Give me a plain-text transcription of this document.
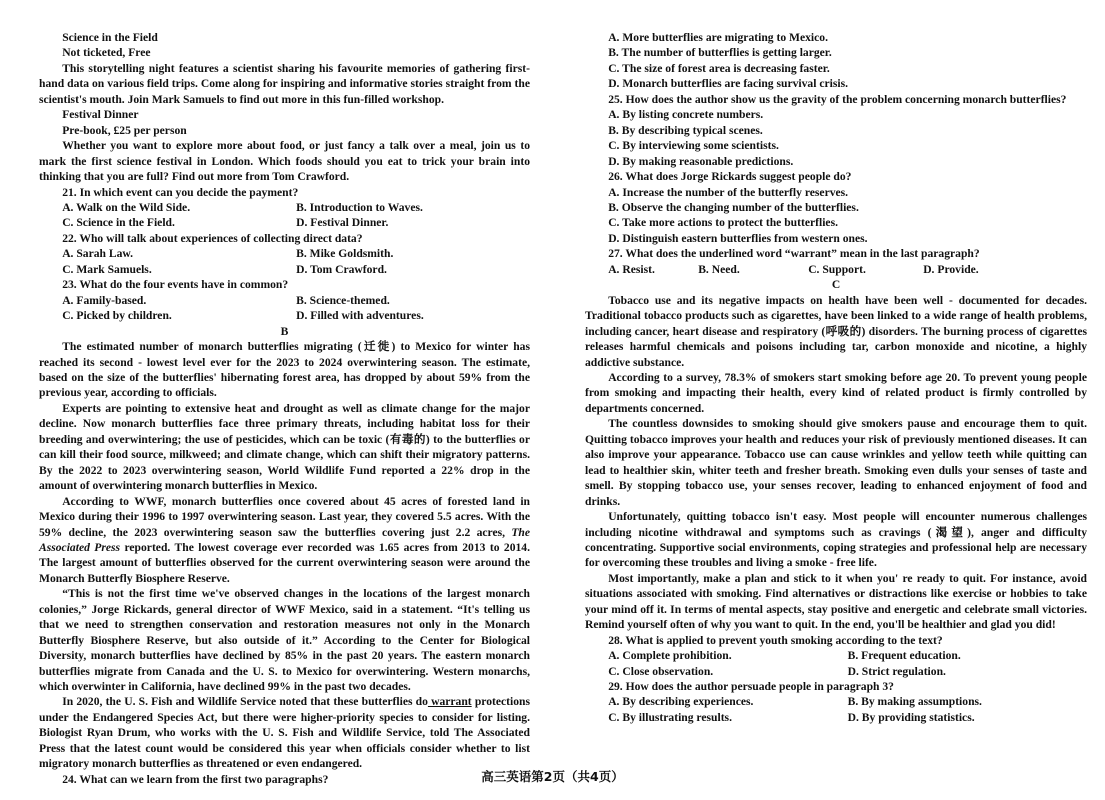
Science in the Field

Not ticketed, Free

This storytelling night features a scientist sharing his favourite memories of gathering first-hand data on various field trips. Come along for inspiring and informative stories straight from the scientist's mouth. Join Mark Samuels to find out more in this fun-filled workshop.

Festival Dinner

Pre-book, £25 per person

Whether you want to explore more about food, or just fancy a talk over a meal, join us to mark the first science festival in London. Which foods should you eat to trick your brain into thinking that you are full? Find out more from Tom Crawford.

21. In which event can you decide the payment?

A. Walk on the Wild Side.	B. Introduction to Waves.
C. Science in the Field.	D. Festival Dinner.

22. Who will talk about experiences of collecting direct data?

A. Sarah Law.	B. Mike Goldsmith.
C. Mark Samuels.	D. Tom Crawford.

23. What do the four events have in common?

A. Family-based.	B. Science-themed.
C. Picked by children.	D. Filled with adventures.

B

The estimated number of monarch butterflies migrating (迁徙) to Mexico for winter has reached its second - lowest level ever for the 2023 to 2024 overwintering season. The estimate, based on the size of the butterflies' hibernating forest area, has dropped by about 59% from the previous year, according to officials.

Experts are pointing to extensive heat and drought as well as climate change for the major decline. Now monarch butterflies face three primary threats, including habitat loss for their breeding and overwintering; the use of pesticides, which can be toxic (有毒的) to the butterflies or can kill their food source, milkweed; and climate change, which can shift their migratory patterns. By the 2022 to 2023 overwintering season, World Wildlife Fund reported a 22% drop in the amount of overwintering monarch butterflies in Mexico.

According to WWF, monarch butterflies once covered about 45 acres of forested land in Mexico during their 1996 to 1997 overwintering season. Last year, they covered 5.5 acres. With the 59% decline, the 2023 overwintering season saw the butterflies covering just 2.2 acres, The Associated Press reported. The lowest coverage ever recorded was 1.65 acres from 2013 to 2014. The largest amount of butterflies observed for the current overwintering season were around the Monarch Butterfly Biosphere Reserve.

“This is not the first time we've observed changes in the locations of the largest monarch colonies,” Jorge Rickards, general director of WWF Mexico, said in a statement. “It's telling us that we need to strengthen conservation and restoration measures not only in the Monarch Butterfly Biosphere Reserve, but also outside of it.” According to the Center for Biological Diversity, monarch butterflies have declined by 85% in the past 20 years. The eastern monarch butterflies migrate from Canada and the U. S. to Mexico for overwintering. Western monarchs, which overwinter in California, have declined 99% in the past two decades.

In 2020, the U. S. Fish and Wildlife Service noted that these butterflies do warrant protections under the Endangered Species Act, but there were higher-priority species to consider for listing. Biologist Ryan Drum, who works with the U. S. Fish and Wildlife Service, told The Associated Press that the latest count would be considered this year when officials consider whether to list migratory monarch butterflies as threatened or even endangered.

24. What can we learn from the first two paragraphs?

A. More butterflies are migrating to Mexico.

B. The number of butterflies is getting larger.

C. The size of forest area is decreasing faster.

D. Monarch butterflies are facing survival crisis.

25. How does the author show us the gravity of the problem concerning monarch butterflies?

A. By listing concrete numbers.

B. By describing typical scenes.

C. By interviewing some scientists.

D. By making reasonable predictions.

26. What does Jorge Rickards suggest people do?

A. Increase the number of the butterfly reserves.

B. Observe the changing number of the butterflies.

C. Take more actions to protect the butterflies.

D. Distinguish eastern butterflies from western ones.

27. What does the underlined word “warrant” mean in the last paragraph?

A. Resist.	B. Need.	C. Support.	D. Provide.

C

Tobacco use and its negative impacts on health have been well - documented for decades. Traditional tobacco products such as cigarettes, have been linked to a wide range of health problems, including cancer, heart disease and respiratory (呼吸的) disorders. The burning process of cigarettes releases harmful chemicals and poisons including tar, carbon monoxide and nicotine, a highly addictive substance.

According to a survey, 78.3% of smokers start smoking before age 20. To prevent young people from smoking and impacting their health, every kind of related product is firmly controlled by departments concerned.

The countless downsides to smoking should give smokers pause and encourage them to quit. Quitting tobacco improves your health and reduces your risk of previously mentioned diseases. It can also improve your appearance. Tobacco use can cause wrinkles and yellow teeth while quitting can lead to healthier skin, whiter teeth and fresher breath. Smoking even dulls your senses of taste and smell. By stopping tobacco use, your senses recover, leading to enhanced enjoyment of food and drinks.

Unfortunately, quitting tobacco isn't easy. Most people will encounter numerous challenges including nicotine withdrawal and symptoms such as cravings (渴望), anger and difficulty concentrating. Supportive social environments, coping strategies and professional help are necessary for overcoming these troubles and living a smoke - free life.

Most importantly, make a plan and stick to it when you' re ready to quit. For instance, avoid situations associated with smoking. Find alternatives or distractions like exercise or hobbies to take your mind off it. In terms of mental aspects, stay positive and energetic and celebrate small victories. Remind yourself often of why you want to quit. In the end, you'll be healthier and glad you did!

28. What is applied to prevent youth smoking according to the text?

A. Complete prohibition.	B. Frequent education.
C. Close observation.	D. Strict regulation.

29. How does the author persuade people in paragraph 3?

A. By describing experiences.	B. By making assumptions.
C. By illustrating results.	D. By providing statistics.
高三英语第2页（共4页）
